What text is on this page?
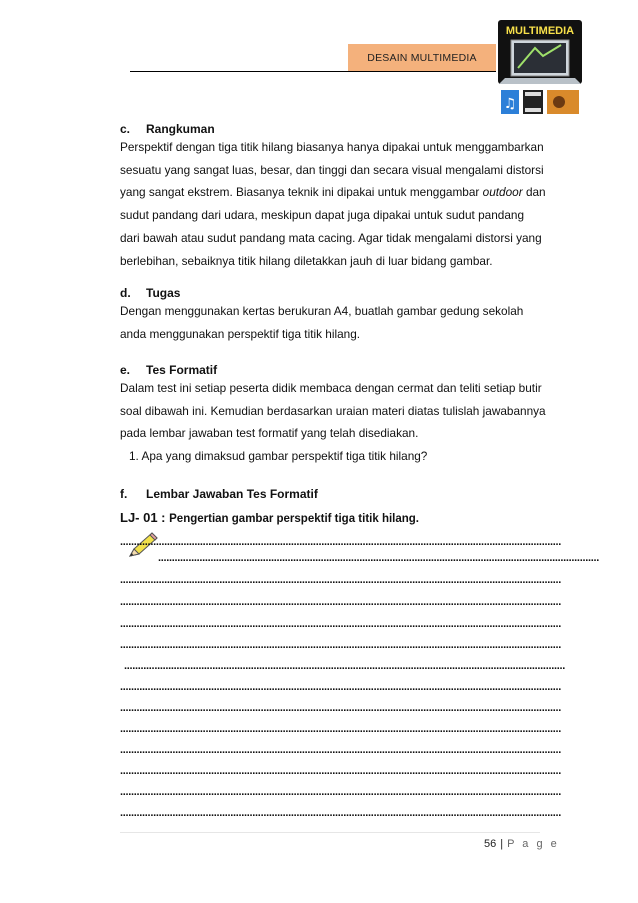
DESAIN MULTIMEDIA
MULTIMEDIA
♫
c. Rangkuman
Perspektif dengan tiga titik hilang biasanya hanya dipakai untuk menggambarkan
sesuatu yang sangat luas, besar, dan tinggi dan secara visual mengalami distorsi
yang sangat ekstrem. Biasanya teknik ini dipakai untuk menggambar outdoor dan
sudut pandang dari udara, meskipun dapat juga dipakai untuk sudut pandang
dari bawah atau sudut pandang mata cacing. Agar tidak mengalami distorsi yang
berlebihan, sebaiknya titik hilang diletakkan jauh di luar bidang gambar.
d. Tugas
Dengan menggunakan kertas berukuran A4, buatlah gambar gedung sekolah
anda menggunakan perspektif tiga titik hilang.
e. Tes Formatif
Dalam test ini setiap peserta didik membaca dengan cermat dan teliti setiap butir
soal dibawah ini. Kemudian berdasarkan uraian materi diatas tulislah jawabannya
pada lembar jawaban test formatif yang telah disediakan.
1. Apa yang dimaksud gambar perspektif tiga titik hilang?
f. Lembar Jawaban Tes Formatif
LJ- 01 : Pengertian gambar perspektif tiga titik hilang.
................................................................................................................................................................
................................................................................................................................................................
................................................................................................................................................................
................................................................................................................................................................
................................................................................................................................................................
................................................................................................................................................................
................................................................................................................................................................
................................................................................................................................................................
................................................................................................................................................................
................................................................................................................................................................
................................................................................................................................................................
................................................................................................................................................................
................................................................................................................................................................
................................................................................................................................................................
56 | P a g e
